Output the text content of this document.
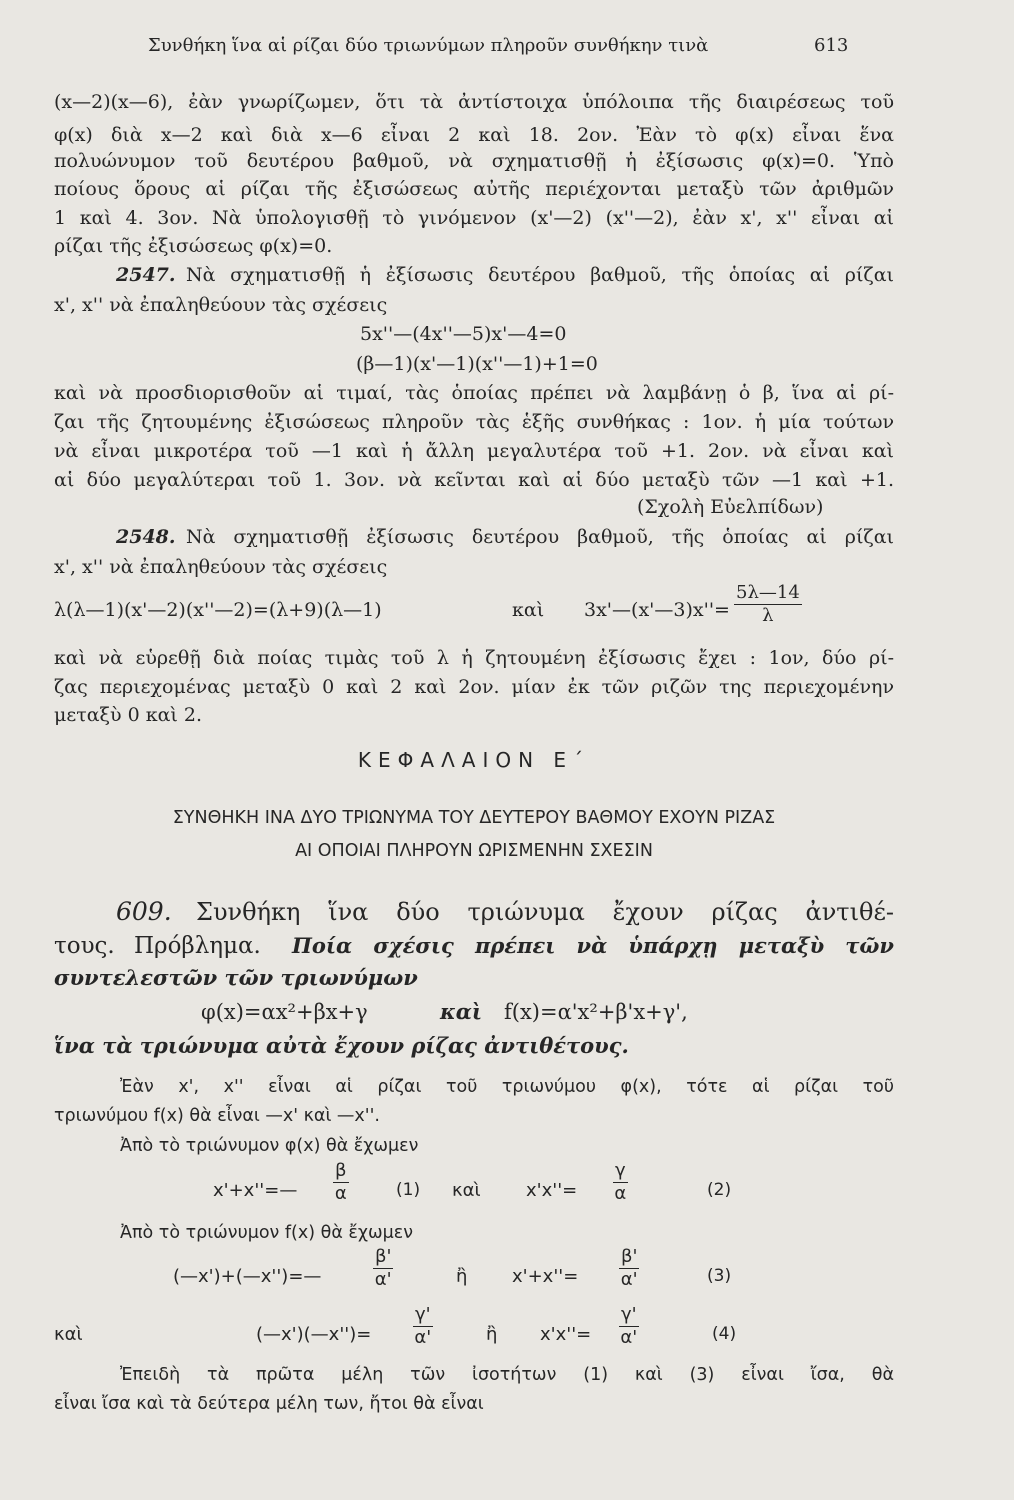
Συνθήκη ἵνα αἱ ρίζαι δύο τριωνύμων πληροῦν συνθήκην τινὰ	613
(x—2)(x—6), ἐὰν γνωρίζωμεν, ὅτι τὰ ἀντίστοιχα ὑπόλοιπα τῆς διαιρέσεως τοῦ
φ(x) διὰ x—2 καὶ διὰ x—6 εἶναι 2 καὶ 18. 2ον. Ἐὰν τὸ φ(x) εἶναι ἕνα
πολυώνυμον τοῦ δευτέρου βαθμοῦ, νὰ σχηματισθῇ ἡ ἐξίσωσις φ(x)=0. Ὑπὸ
ποίους ὅρους αἱ ρίζαι τῆς ἐξισώσεως αὐτῆς περιέχονται μεταξὺ τῶν ἀριθμῶν
1 καὶ 4. 3ον. Νὰ ὑπολογισθῇ τὸ γινόμενον (x'—2) (x''—2), ἐὰν x', x'' εἶναι αἱ
ρίζαι τῆς ἐξισώσεως φ(x)=0.
2547. Νὰ σχηματισθῇ ἡ ἐξίσωσις δευτέρου βαθμοῦ, τῆς ὁποίας αἱ ρίζαι
x', x'' νὰ ἐπαληθεύουν τὰς σχέσεις
5x''—(4x''—5)x'—4=0
(β—1)(x'—1)(x''—1)+1=0
καὶ νὰ προσδιορισθοῦν αἱ τιμαί, τὰς ὁποίας πρέπει νὰ λαμβάνῃ ὁ β, ἵνα αἱ ρί-
ζαι τῆς ζητουμένης ἐξισώσεως πληροῦν τὰς ἑξῆς συνθήκας : 1ον. ἡ μία τούτων
νὰ εἶναι μικροτέρα τοῦ —1 καὶ ἡ ἄλλη μεγαλυτέρα τοῦ +1. 2ον. νὰ εἶναι καὶ
αἱ δύο μεγαλύτεραι τοῦ 1. 3ον. νὰ κεῖνται καὶ αἱ δύο μεταξὺ τῶν —1 καὶ +1.
(Σχολὴ Εὐελπίδων)
2548. Νὰ σχηματισθῇ ἐξίσωσις δευτέρου βαθμοῦ, τῆς ὁποίας αἱ ρίζαι
x', x'' νὰ ἐπαληθεύουν τὰς σχέσεις
λ(λ—1)(x'—2)(x''—2)=(λ+9)(λ—1)	καὶ 3x'—(x'—3)x''= $\frac{5\lambda—14}{\lambda}$
καὶ νὰ εὑρεθῇ διὰ ποίας τιμὰς τοῦ λ ἡ ζητουμένη ἐξίσωσις ἔχει : 1ον, δύο ρί-
ζας περιεχομένας μεταξὺ 0 καὶ 2 καὶ 2ον. μίαν ἐκ τῶν ριζῶν της περιεχομένην
μεταξὺ 0 καὶ 2.
ΚΕΦΑΛΑΙΟΝ Ε΄
ΣΥΝΘΗΚΗ ΙΝΑ ΔΥΟ ΤΡΙΩΝΥΜΑ ΤΟΥ ΔΕΥΤΕΡΟΥ ΒΑΘΜΟΥ ΕΧΟΥΝ ΡΙΖΑΣ
ΑΙ ΟΠΟΙΑΙ ΠΛΗΡΟΥΝ ΩΡΙΣΜΕΝΗΝ ΣΧΕΣΙΝ
609. Συνθήκη ἵνα δύο τριώνυμα ἔχουν ρίζας ἀντιθέ-
τους. Πρόβλημα. Ποία σχέσις πρέπει νὰ ὑπάρχῃ μεταξὺ τῶν
συντελεστῶν τῶν τριωνύμων
φ(x)=αx²+βx+γ	καὶ f(x)=α'x²+β'x+γ',
ἵνα τὰ τριώνυμα αὐτὰ ἔχουν ρίζας ἀντιθέτους.
Ἐὰν x', x'' εἶναι αἱ ρίζαι τοῦ τριωνύμου φ(x), τότε αἱ ρίζαι τοῦ
τριωνύμου f(x) θὰ εἶναι —x' καὶ —x''.
Ἀπὸ τὸ τριώνυμον φ(x) θὰ ἔχωμεν
x'+x''=— $\frac{\beta}{\alpha}$	(1) καὶ	$x'x''= \frac{\gamma}{\alpha}$	(2)
Ἀπὸ τὸ τριώνυμον f(x) θὰ ἔχωμεν
(—x')+(—x'')=—	$\frac{\beta'}{\alpha'}$	ἢ $x'+x''= \frac{\beta'}{\alpha'}$	(3)
καὶ	(—x')(—x'')= $\frac{\gamma'}{\alpha'}$	ἢ $x'x''= \frac{\gamma'}{\alpha'}$	(4)
Ἐπειδὴ τὰ πρῶτα μέλη τῶν ἰσοτήτων (1) καὶ (3) εἶναι ἴσα, θὰ
εἶναι ἴσα καὶ τὰ δεύτερα μέλη των, ἤτοι θὰ εἶναι
